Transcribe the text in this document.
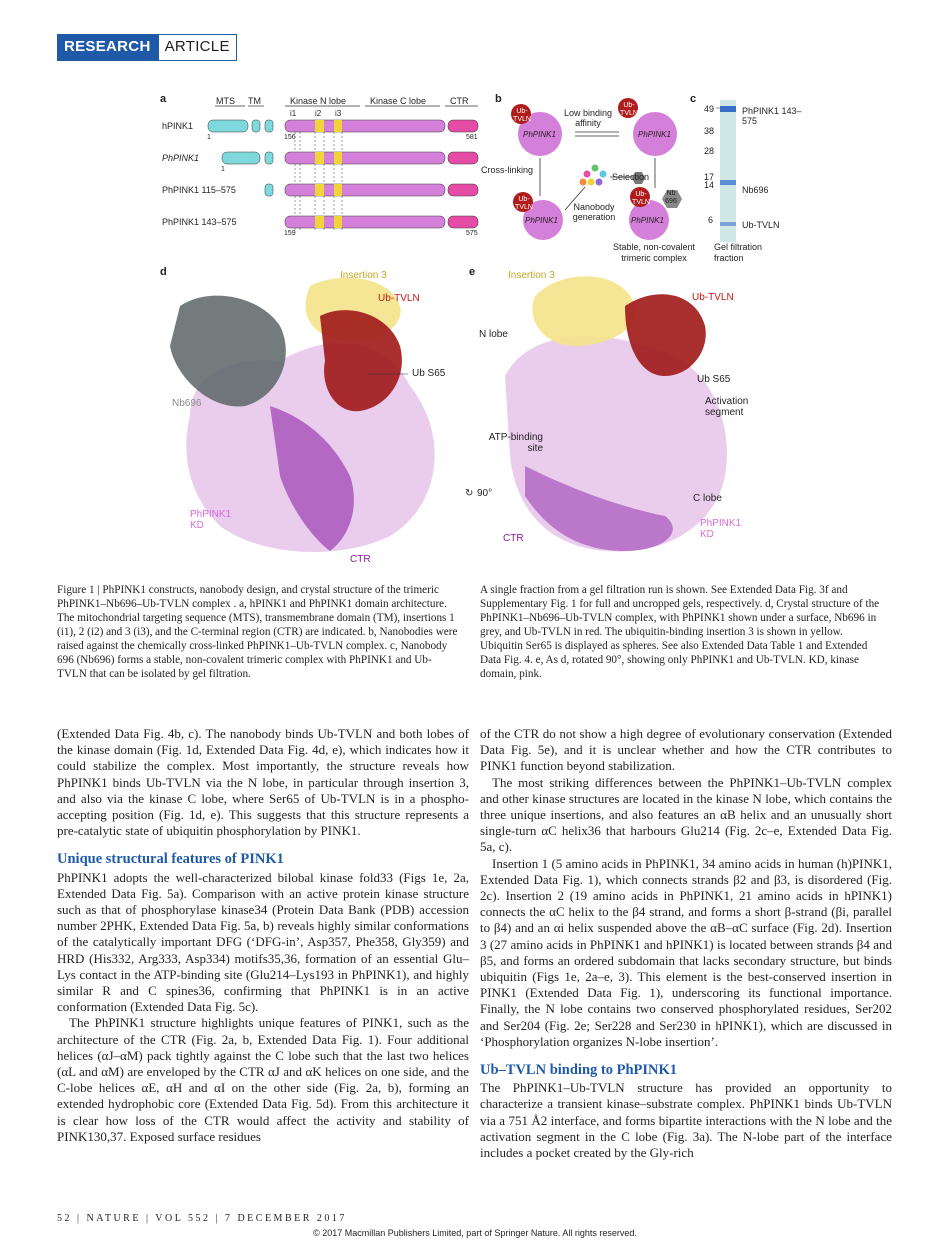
RESEARCH ARTICLE
a	MTS TM	Kinase N lobe	Kinase C lobe	CTR
i1 i2 i3
hPINK1
PhPINK1
PhPINK1 115–575
PhPINK1 143–575
1	156	581
1
159	575
b
Ub-TVLN
Ub-TVLN
Ub-TVLN
Ub-TVLN
PhPINK1	PhPINK1
PhPINK1	PhPINK1
Low binding affinity
Cross-linking
Selection
Nanobody generation
Nb 696
Stable, non-covalent trimeric complex
c
49
38
28
17
14
6
PhPINK1 143–575
Nb696
Ub-TVLN
Gel filtration fraction
d	Insertion 3
Ub-TVLN
Ub S65
Nb696
PhPINK1 KD
CTR
e	Insertion 3
Ub-TVLN
N lobe
Ub S65
Activation segment
ATP-binding site
↻ 90°	C lobe
CTR
PhPINK1 KD

Figure 1 | PhPINK1 constructs, nanobody design, and crystal structure of the trimeric PhPINK1–Nb696–Ub-TVLN complex . a, hPINK1 and PhPINK1 domain architecture. The mitochondrial targeting sequence (MTS), transmembrane domain (TM), insertions 1 (i1), 2 (i2) and 3 (i3), and the C-terminal region (CTR) are indicated. b, Nanobodies were raised against the chemically cross-linked PhPINK1–Ub-TVLN complex. c, Nanobody 696 (Nb696) forms a stable, non-covalent trimeric complex with PhPINK1 and Ub-TVLN that can be isolated by gel filtration.

A single fraction from a gel filtration run is shown. See Extended Data Fig. 3f and Supplementary Fig. 1 for full and uncropped gels, respectively. d, Crystal structure of the PhPINK1–Nb696–Ub-TVLN complex, with PhPINK1 shown under a surface, Nb696 in grey, and Ub-TVLN in red. The ubiquitin-binding insertion 3 is shown in yellow. Ubiquitin Ser65 is displayed as spheres. See also Extended Data Table 1 and Extended Data Fig. 4. e, As d, rotated 90°, showing only PhPINK1 and Ub-TVLN. KD, kinase domain, pink.

(Extended Data Fig. 4b, c). The nanobody binds Ub-TVLN and both lobes of the kinase domain (Fig. 1d, Extended Data Fig. 4d, e), which indicates how it could stabilize the complex. Most importantly, the structure reveals how PhPINK1 binds Ub-TVLN via the N lobe, in particular through insertion 3, and also via the kinase C lobe, where Ser65 of Ub-TVLN is in a phospho-accepting position (Fig. 1d, e). This suggests that this structure represents a pre-catalytic state of ubiquitin phosphorylation by PINK1.

Unique structural features of PINK1

PhPINK1 adopts the well-characterized bilobal kinase fold33 (Figs 1e, 2a, Extended Data Fig. 5a). Comparison with an active protein kinase structure such as that of phosphorylase kinase34 (Protein Data Bank (PDB) accession number 2PHK, Extended Data Fig. 5a, b) reveals highly similar conformations of the catalytically important DFG (‘DFG-in’, Asp357, Phe358, Gly359) and HRD (His332, Arg333, Asp334) motifs35,36, formation of an essential Glu–Lys contact in the ATP-binding site (Glu214–Lys193 in PhPINK1), and highly similar R and C spines36, confirming that PhPINK1 is in an active conformation (Extended Data Fig. 5c).

The PhPINK1 structure highlights unique features of PINK1, such as the architecture of the CTR (Fig. 2a, b, Extended Data Fig. 1). Four additional helices (αJ–αM) pack tightly against the C lobe such that the last two helices (αL and αM) are enveloped by the CTR αJ and αK helices on one side, and the C-lobe helices αE, αH and αI on the other side (Fig. 2a, b), forming an extended hydrophobic core (Extended Data Fig. 5d). From this architecture it is clear how loss of the CTR would affect the activity and stability of PINK130,37. Exposed surface residues

of the CTR do not show a high degree of evolutionary conservation (Extended Data Fig. 5e), and it is unclear whether and how the CTR contributes to PINK1 function beyond stabilization.

The most striking differences between the PhPINK1–Ub-TVLN complex and other kinase structures are located in the kinase N lobe, which contains the three unique insertions, and also features an αB helix and an unusually short single-turn αC helix36 that harbours Glu214 (Fig. 2c–e, Extended Data Fig. 5a, c).

Insertion 1 (5 amino acids in PhPINK1, 34 amino acids in human (h)PINK1, Extended Data Fig. 1), which connects strands β2 and β3, is disordered (Fig. 2c). Insertion 2 (19 amino acids in PhPINK1, 21 amino acids in hPINK1) connects the αC helix to the β4 strand, and forms a short β-strand (βi, parallel to β4) and an αi helix suspended above the αB–αC surface (Fig. 2d). Insertion 3 (27 amino acids in PhPINK1 and hPINK1) is located between strands β4 and β5, and forms an ordered subdomain that lacks secondary structure, but binds ubiquitin (Figs 1e, 2a–e, 3). This element is the best-conserved insertion in PINK1 (Extended Data Fig. 1), underscoring its functional importance. Finally, the N lobe contains two conserved phosphorylated residues, Ser202 and Ser204 (Fig. 2e; Ser228 and Ser230 in hPINK1), which are discussed in ‘Phosphorylation organizes N-lobe insertion’.

Ub–TVLN binding to PhPINK1

The PhPINK1–Ub-TVLN structure has provided an opportunity to characterize a transient kinase–substrate complex. PhPINK1 binds Ub-TVLN via a 751 Å2 interface, and forms bipartite interactions with the N lobe and the activation segment in the C lobe (Fig. 3a). The N-lobe part of the interface includes a pocket created by the Gly-rich

52 | NATURE | VOL 552 | 7 DECEMBER 2017
© 2017 Macmillan Publishers Limited, part of Springer Nature. All rights reserved.
